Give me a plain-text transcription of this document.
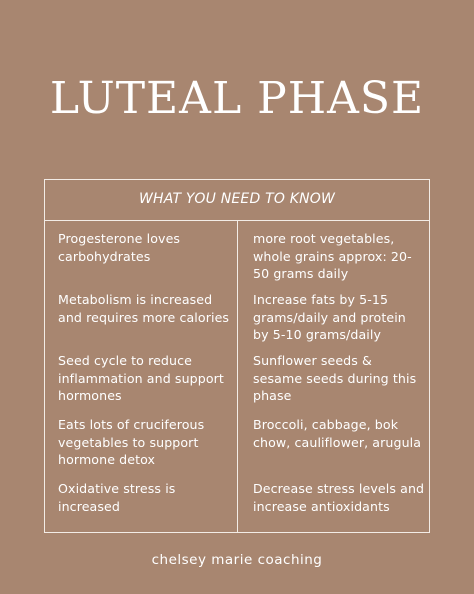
LUTEAL PHASE
WHAT YOU NEED TO KNOW
Progesterone loves carbohydrates
more root vegetables, whole grains approx: 20-50 grams daily
Metabolism is increased and requires more calories
Increase fats by 5-15 grams/daily and protein by 5-10 grams/daily
Seed cycle to reduce inflammation and support hormones
Sunflower seeds & sesame seeds during this phase
Eats lots of cruciferous vegetables to support hormone detox
Broccoli, cabbage, bok chow, cauliflower, arugula
Oxidative stress is increased
Decrease stress levels and increase antioxidants
chelsey marie coaching
